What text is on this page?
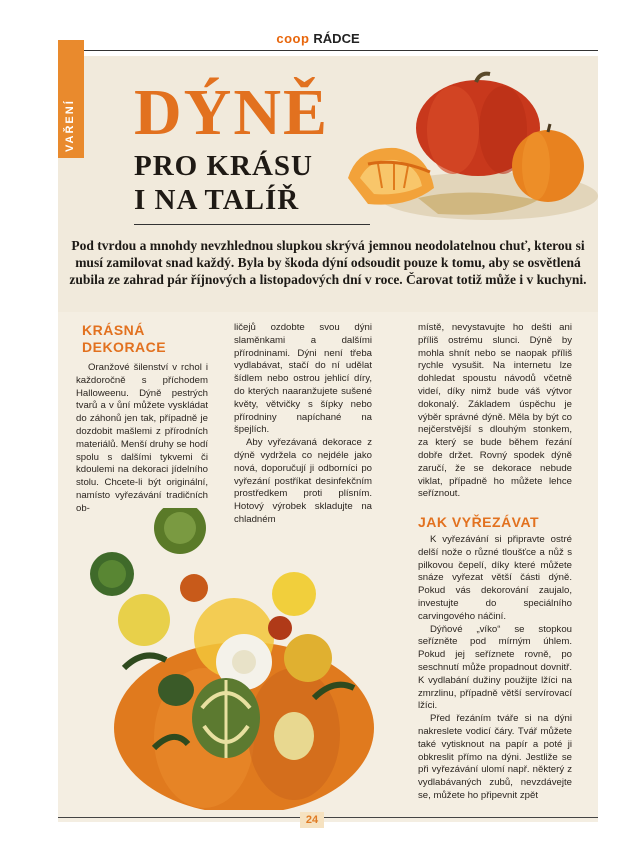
coop RÁDCE
VAŘENÍ DÝNĚ
PRO KRÁSU
I NA TALÍŘ
Pod tvrdou a mnohdy nevzhlednou slupkou skrývá jemnou neodolatelnou chuť, kterou si musí zamilovat snad každý. Byla by škoda dýní odsoudit pouze k tomu, aby se osvětlená zubila ze zahrad pár říjnových a listopadových dní v roce. Čarovat totiž může i v kuchyni.
KRÁSNÁ DEKORACE

Oranžové šilenství v rchol i každoročně s příchodem Halloweenu. Dýně pestrých tvarů a v ůní můžete vyskládat do záhonů jen tak, případně je dozdobit mašlemi z přírodních materiálů. Menší druhy se hodí spolu s dalšími tykvemi či kdoulemi na dekoraci jídelního stolu. Chcete-li být originální, namísto vyřezávání tradičních ob-

ličejů ozdobte svou dýni slaměnkami a dalšími přírodninami. Dýni není třeba vydlabávat, stačí do ní udělat šídlem nebo ostrou jehlicí díry, do kterých naaranžujete sušené květy, větvičky s šípky nebo přírodniny napíchané na špejlích.

Aby vyřezávaná dekorace z dýně vydržela co nejdéle jako nová, doporučují ji odborníci po vyřezání postříkat desinfekčním prostředkem proti plísním. Hotový výrobek skladujte na chladném

místě, nevystavujte ho dešti ani příliš ostrému slunci. Dýně by mohla shnít nebo se naopak příliš rychle vysušit. Na internetu lze dohledat spoustu návodů včetně videí, díky nimž bude váš výtvor dokonalý. Základem úspěchu je výběr správné dýně. Měla by být co nejčerstvější s dlouhým stonkem, za který se bude během řezání dobře držet. Rovný spodek dýně zaručí, že se dekorace nebude viklat, případně ho můžete lehce seříznout.

JAK VYŘEZÁVAT

K vyřezávání si připravte ostré delší nože o různé tloušťce a nůž s pilkovou čepelí, díky které můžete snáze vyřezat větší části dýně. Pokud vás dekorování zaujalo, investujte do speciálního carvingového náčiní.

Dýňové „víko“ se stopkou seřízněte pod mírným úhlem. Pokud jej seříznete rovně, po seschnutí může propadnout dovnitř. K vydlabání dužiny použijte lžíci na zmrzlinu, případně větší servírovací lžíci.

Před řezáním tváře si na dýni nakreslete vodicí čáry. Tvář můžete také vytisknout na papír a poté ji obkreslit přímo na dýni. Jestliže se při vyřezávání ulomí např. některý z vydlabávaných zubů, nevzdávejte se, můžete ho připevnit zpět

24
